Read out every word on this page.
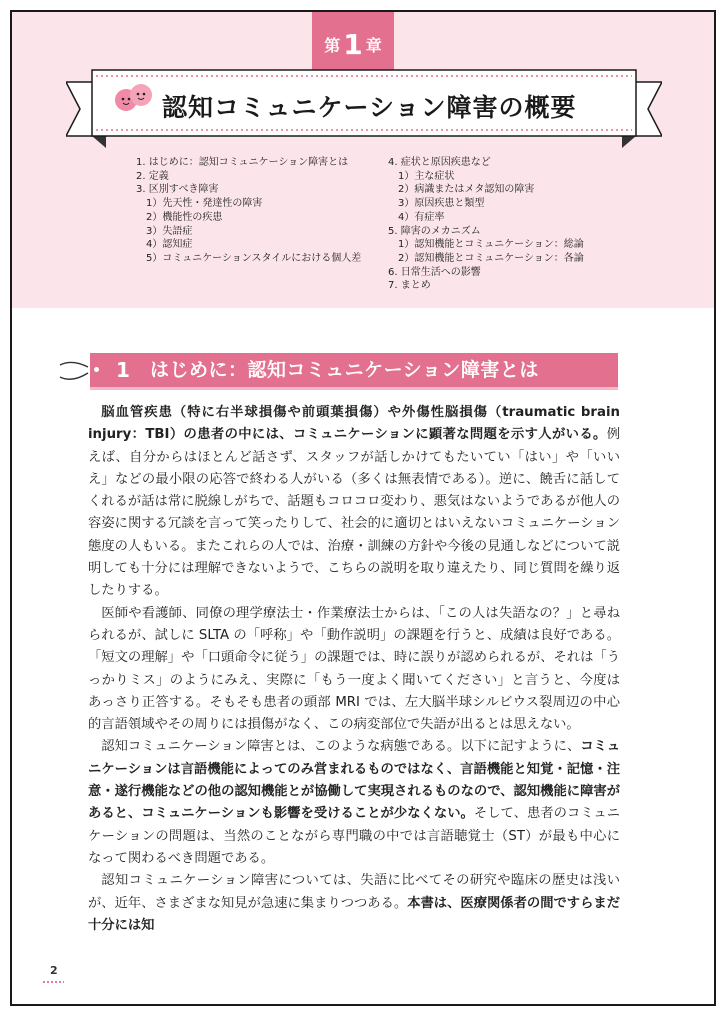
第 1 章
認知コミュニケーション障害の概要
1. はじめに：認知コミュニケーション障害とは
2. 定義
3. 区別すべき障害
1）先天性・発達性の障害
2）機能性の疾患
3）失語症
4）認知症
5）コミュニケーションスタイルにおける個人差
4. 症状と原因疾患など
1）主な症状
2）病識またはメタ認知の障害
3）原因疾患と類型
4）有症率
5. 障害のメカニズム
1）認知機能とコミュニケーション：総論
2）認知機能とコミュニケーション：各論
6. 日常生活への影響
7. まとめ
1	はじめに：認知コミュニケーション障害とは

脳血管疾患（特に右半球損傷や前頭葉損傷）や外傷性脳損傷（traumatic brain injury：TBI）の患者の中には、コミュニケーションに顕著な問題を示す人がいる。例えば、自分からはほとんど話さず、スタッフが話しかけてもたいてい「はい」や「いいえ」などの最小限の応答で終わる人がいる（多くは無表情である）。逆に、饒舌に話してくれるが話は常に脱線しがちで、話題もコロコロ変わり、悪気はないようであるが他人の容姿に関する冗談を言って笑ったりして、社会的に適切とはいえないコミュニケーション態度の人もいる。またこれらの人では、治療・訓練の方針や今後の見通しなどについて説明しても十分には理解できないようで、こちらの説明を取り違えたり、同じ質問を繰り返したりする。

医師や看護師、同僚の理学療法士・作業療法士からは、「この人は失語なの？」と尋ねられるが、試しに SLTA の「呼称」や「動作説明」の課題を行うと、成績は良好である。「短文の理解」や「口頭命令に従う」の課題では、時に誤りが認められるが、それは「うっかりミス」のようにみえ、実際に「もう一度よく聞いてください」と言うと、今度はあっさり正答する。そもそも患者の頭部 MRI では、左大脳半球シルビウス裂周辺の中心的言語領域やその周りには損傷がなく、この病変部位で失語が出るとは思えない。

認知コミュニケーション障害とは、このような病態である。以下に記すように、コミュニケーションは言語機能によってのみ営まれるものではなく、言語機能と知覚・記憶・注意・遂行機能などの他の認知機能とが協働して実現されるものなので、認知機能に障害があると、コミュニケーションも影響を受けることが少なくない。そして、患者のコミュニケーションの問題は、当然のことながら専門職の中では言語聴覚士（ST）が最も中心になって関わるべき問題である。

認知コミュニケーション障害については、失語に比べてその研究や臨床の歴史は浅いが、近年、さまざまな知見が急速に集まりつつある。本書は、医療関係者の間ですらまだ十分には知

2
